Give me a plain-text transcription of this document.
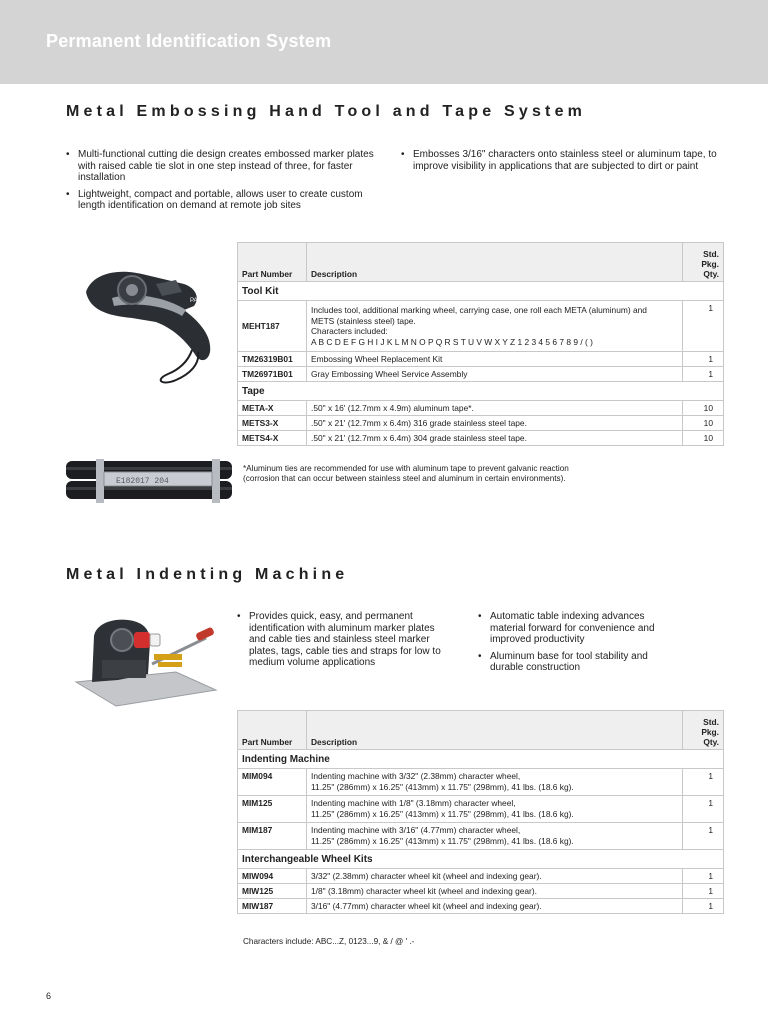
Permanent Identification System
Metal Embossing Hand Tool and Tape System
• Multi-functional cutting die design creates embossed marker plates with raised cable tie slot in one step instead of three, for faster installation
• Lightweight, compact and portable, allows user to create custom length identification on demand at remote job sites
• Embosses 3/16" characters onto stainless steel or aluminum tape, to improve visibility in applications that are subjected to dirt or paint
PANDUIT
E182017 204
Part Number	Description	Std.
Pkg.
Qty.
Tool Kit		
MEHT187	Includes tool, additional marking wheel, carrying case, one roll each META (aluminum) and
METS (stainless steel) tape.
Characters included:
A B C D E F G H I J K L M N O P Q R S T U V W X Y Z 1 2 3 4 5 6 7 8 9 / ( )	1
TM26319B01	Embossing Wheel Replacement Kit	1
TM26971B01	Gray Embossing Wheel Service Assembly	1
Tape		
META-X	.50" x 16' (12.7mm x 4.9m) aluminum tape*.	10
METS3-X	.50" x 21' (12.7mm x 6.4m) 316 grade stainless steel tape.	10
METS4-X	.50" x 21' (12.7mm x 6.4m) 304 grade stainless steel tape.	10
*Aluminum ties are recommended for use with aluminum tape to prevent galvanic reaction
(corrosion that can occur between stainless steel and aluminum in certain environments).
Metal Indenting Machine
• Provides quick, easy, and permanent identification with aluminum marker plates and cable ties and stainless steel marker plates, tags, cable ties and straps for low to medium volume applications
• Automatic table indexing advances material forward for convenience and improved productivity
• Aluminum base for tool stability and durable construction
Part Number	Description	Std.
Pkg.
Qty.
Indenting Machine		
MIM094	Indenting machine with 3/32" (2.38mm) character wheel,
11.25" (286mm) x 16.25" (413mm) x 11.75" (298mm), 41 lbs. (18.6 kg).	1
MIM125	Indenting machine with 1/8" (3.18mm) character wheel,
11.25" (286mm) x 16.25" (413mm) x 11.75" (298mm), 41 lbs. (18.6 kg).	1
MIM187	Indenting machine with 3/16" (4.77mm) character wheel,
11.25" (286mm) x 16.25" (413mm) x 11.75" (298mm), 41 lbs. (18.6 kg).	1
Interchangeable Wheel Kits		
MIW094	3/32" (2.38mm) character wheel kit (wheel and indexing gear).	1
MIW125	1/8" (3.18mm) character wheel kit (wheel and indexing gear).	1
MIW187	3/16" (4.77mm) character wheel kit (wheel and indexing gear).	1
Characters include: ABC...Z, 0123...9, & / @ ' .-
6
